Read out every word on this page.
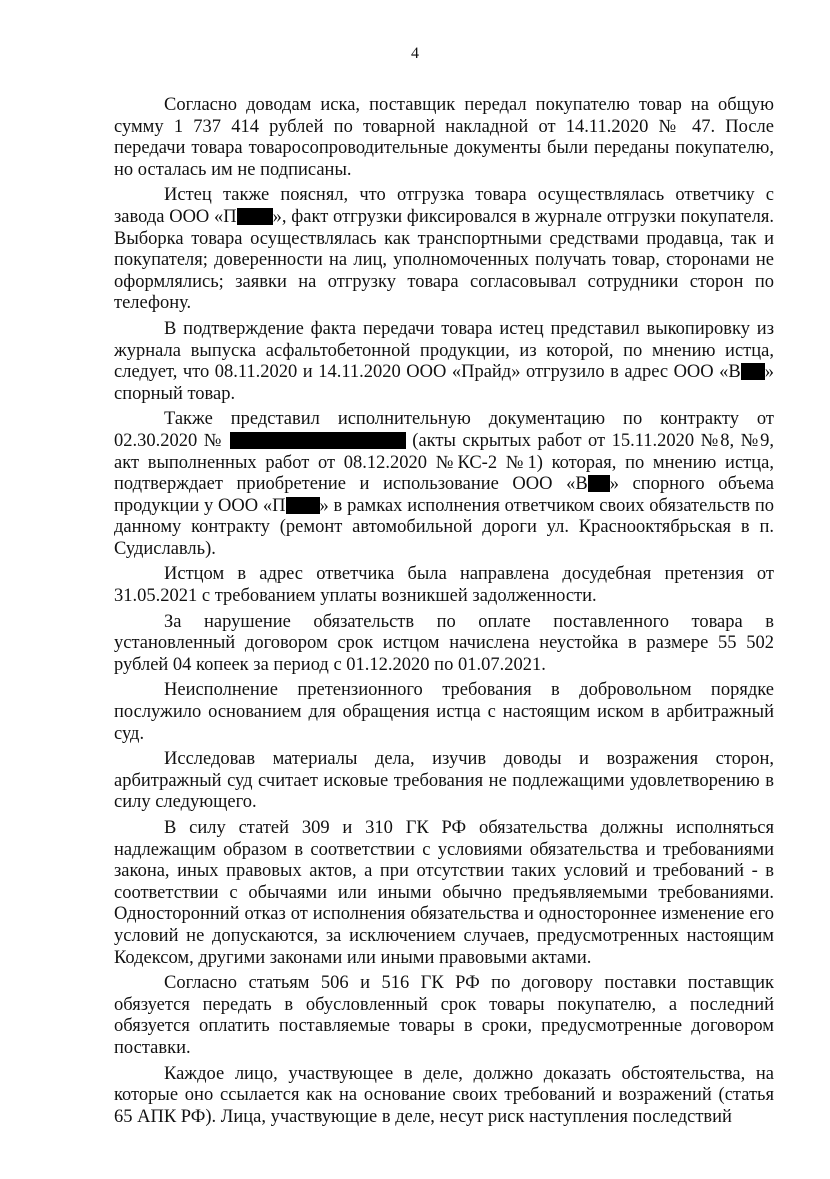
4

Согласно доводам иска, поставщик передал покупателю товар на общую сумму 1 737 414 рублей по товарной накладной от 14.11.2020 № 47. После передачи товара товаросопроводительные документы были переданы покупателю, но осталась им не подписаны.

Истец также пояснял, что отгрузка товара осуществлялась ответчику с завода ООО «П », факт отгрузки фиксировался в журнале отгрузки покупателя. Выборка товара осуществлялась как транспортными средствами продавца, так и покупателя; доверенности на лиц, уполномоченных получать товар, сторонами не оформлялись; заявки на отгрузку товара согласовывал сотрудники сторон по телефону.

В подтверждение факта передачи товара истец представил выкопировку из журнала выпуска асфальтобетонной продукции, из которой, по мнению истца, следует, что 08.11.2020 и 14.11.2020 ООО «Прайд» отгрузило в адрес ООО «В » спорный товар.

Также представил исполнительную документацию по контракту от 02.30.2020 №	(акты скрытых работ от 15.11.2020 №8, №9, акт выполненных работ от 08.12.2020 №КС-2 №1) которая, по мнению истца, подтверждает приобретение и использование ООО «В » спорного объема продукции у ООО «П » в рамках исполнения ответчиком своих обязательств по данному контракту (ремонт автомобильной дороги ул. Краснооктябрьская в п. Судиславль).

Истцом в адрес ответчика была направлена досудебная претензия от 31.05.2021 с требованием уплаты возникшей задолженности.

За нарушение обязательств по оплате поставленного товара в установленный договором срок истцом начислена неустойка в размере 55 502 рублей 04 копеек за период с 01.12.2020 по 01.07.2021.

Неисполнение претензионного требования в добровольном порядке послужило основанием для обращения истца с настоящим иском в арбитражный суд.

Исследовав материалы дела, изучив доводы и возражения сторон, арбитражный суд считает исковые требования не подлежащими удовлетворению в силу следующего.

В силу статей 309 и 310 ГК РФ обязательства должны исполняться надлежащим образом в соответствии с условиями обязательства и требованиями закона, иных правовых актов, а при отсутствии таких условий и требований - в соответствии с обычаями или иными обычно предъявляемыми требованиями. Односторонний отказ от исполнения обязательства и одностороннее изменение его условий не допускаются, за исключением случаев, предусмотренных настоящим Кодексом, другими законами или иными правовыми актами.

Согласно статьям 506 и 516 ГК РФ по договору поставки поставщик обязуется передать в обусловленный срок товары покупателю, а последний обязуется оплатить поставляемые товары в сроки, предусмотренные договором поставки.

Каждое лицо, участвующее в деле, должно доказать обстоятельства, на которые оно ссылается как на основание своих требований и возражений (статья 65 АПК РФ). Лица, участвующие в деле, несут риск наступления последствий
